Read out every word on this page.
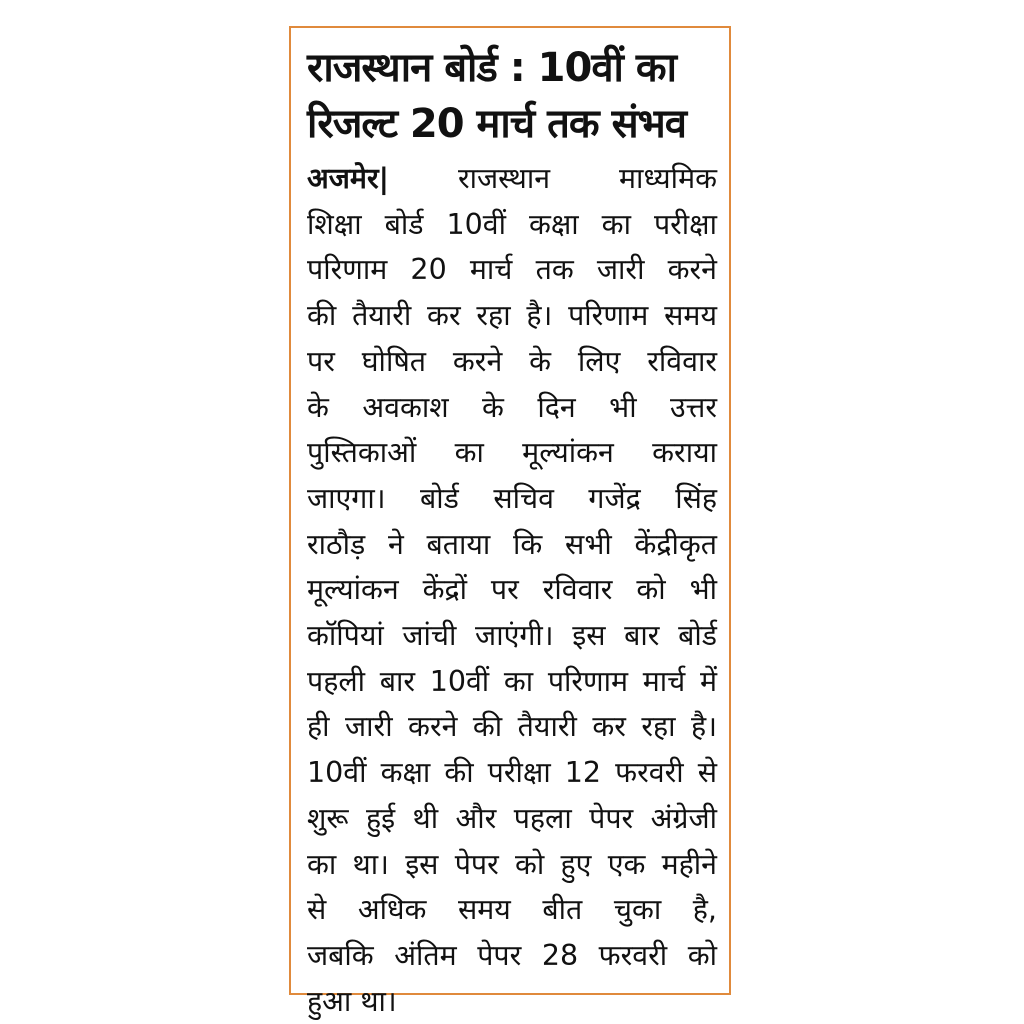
राजस्थान बोर्ड : 10वीं का
रिजल्ट 20 मार्च तक संभव
अजमेर| राजस्थान माध्यमिक
शिक्षा बोर्ड 10वीं कक्षा का परीक्षा
परिणाम 20 मार्च तक जारी करने
की तैयारी कर रहा है। परिणाम समय
पर घोषित करने के लिए रविवार
के अवकाश के दिन भी उत्तर
पुस्तिकाओं का मूल्यांकन कराया
जाएगा। बोर्ड सचिव गजेंद्र सिंह
राठौड़ ने बताया कि सभी केंद्रीकृत
मूल्यांकन केंद्रों पर रविवार को भी
कॉपियां जांची जाएंगी। इस बार बोर्ड
पहली बार 10वीं का परिणाम मार्च में
ही जारी करने की तैयारी कर रहा है।
10वीं कक्षा की परीक्षा 12 फरवरी से
शुरू हुई थी और पहला पेपर अंग्रेजी
का था। इस पेपर को हुए एक महीने
से अधिक समय बीत चुका है,
जबकि अंतिम पेपर 28 फरवरी को
हुआ था।
